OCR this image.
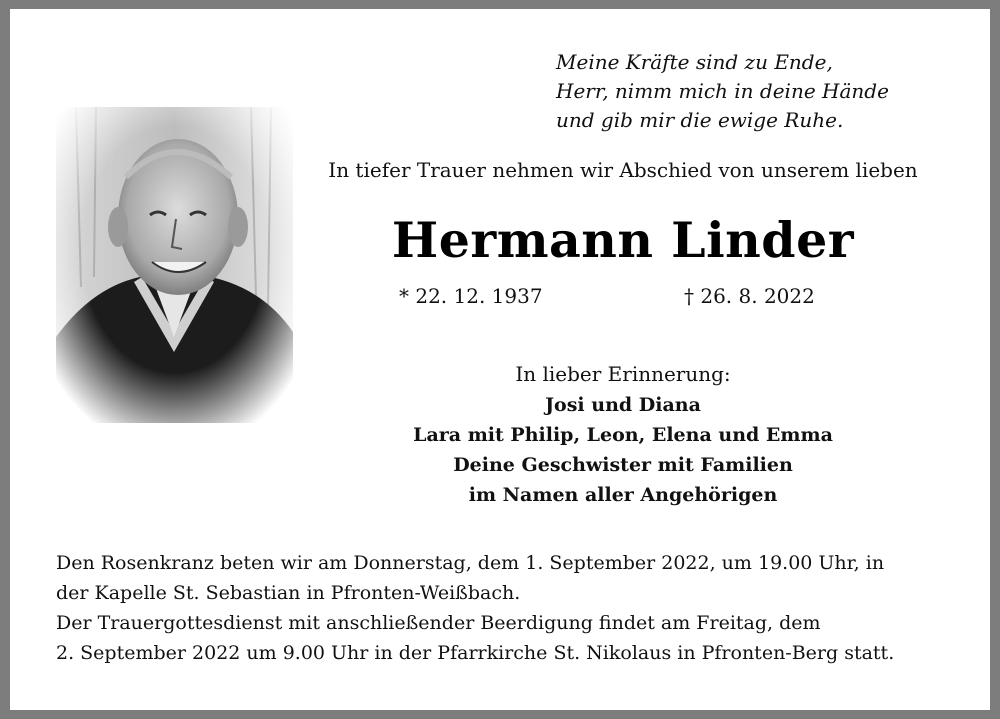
Meine Kräfte sind zu Ende,
Herr, nimm mich in deine Hände
und gib mir die ewige Ruhe.
In tiefer Trauer nehmen wir Abschied von unserem lieben
Hermann Linder
* 22. 12. 1937	† 26. 8. 2022
In lieber Erinnerung:
Josi und Diana
Lara mit Philip, Leon, Elena und Emma
Deine Geschwister mit Familien
im Namen aller Angehörigen
Den Rosenkranz beten wir am Donnerstag, dem 1. September 2022, um 19.00 Uhr, in
der Kapelle St. Sebastian in Pfronten-Weißbach.
Der Trauergottesdienst mit anschließender Beerdigung findet am Freitag, dem
2. September 2022 um 9.00 Uhr in der Pfarrkirche St. Nikolaus in Pfronten-Berg statt.
